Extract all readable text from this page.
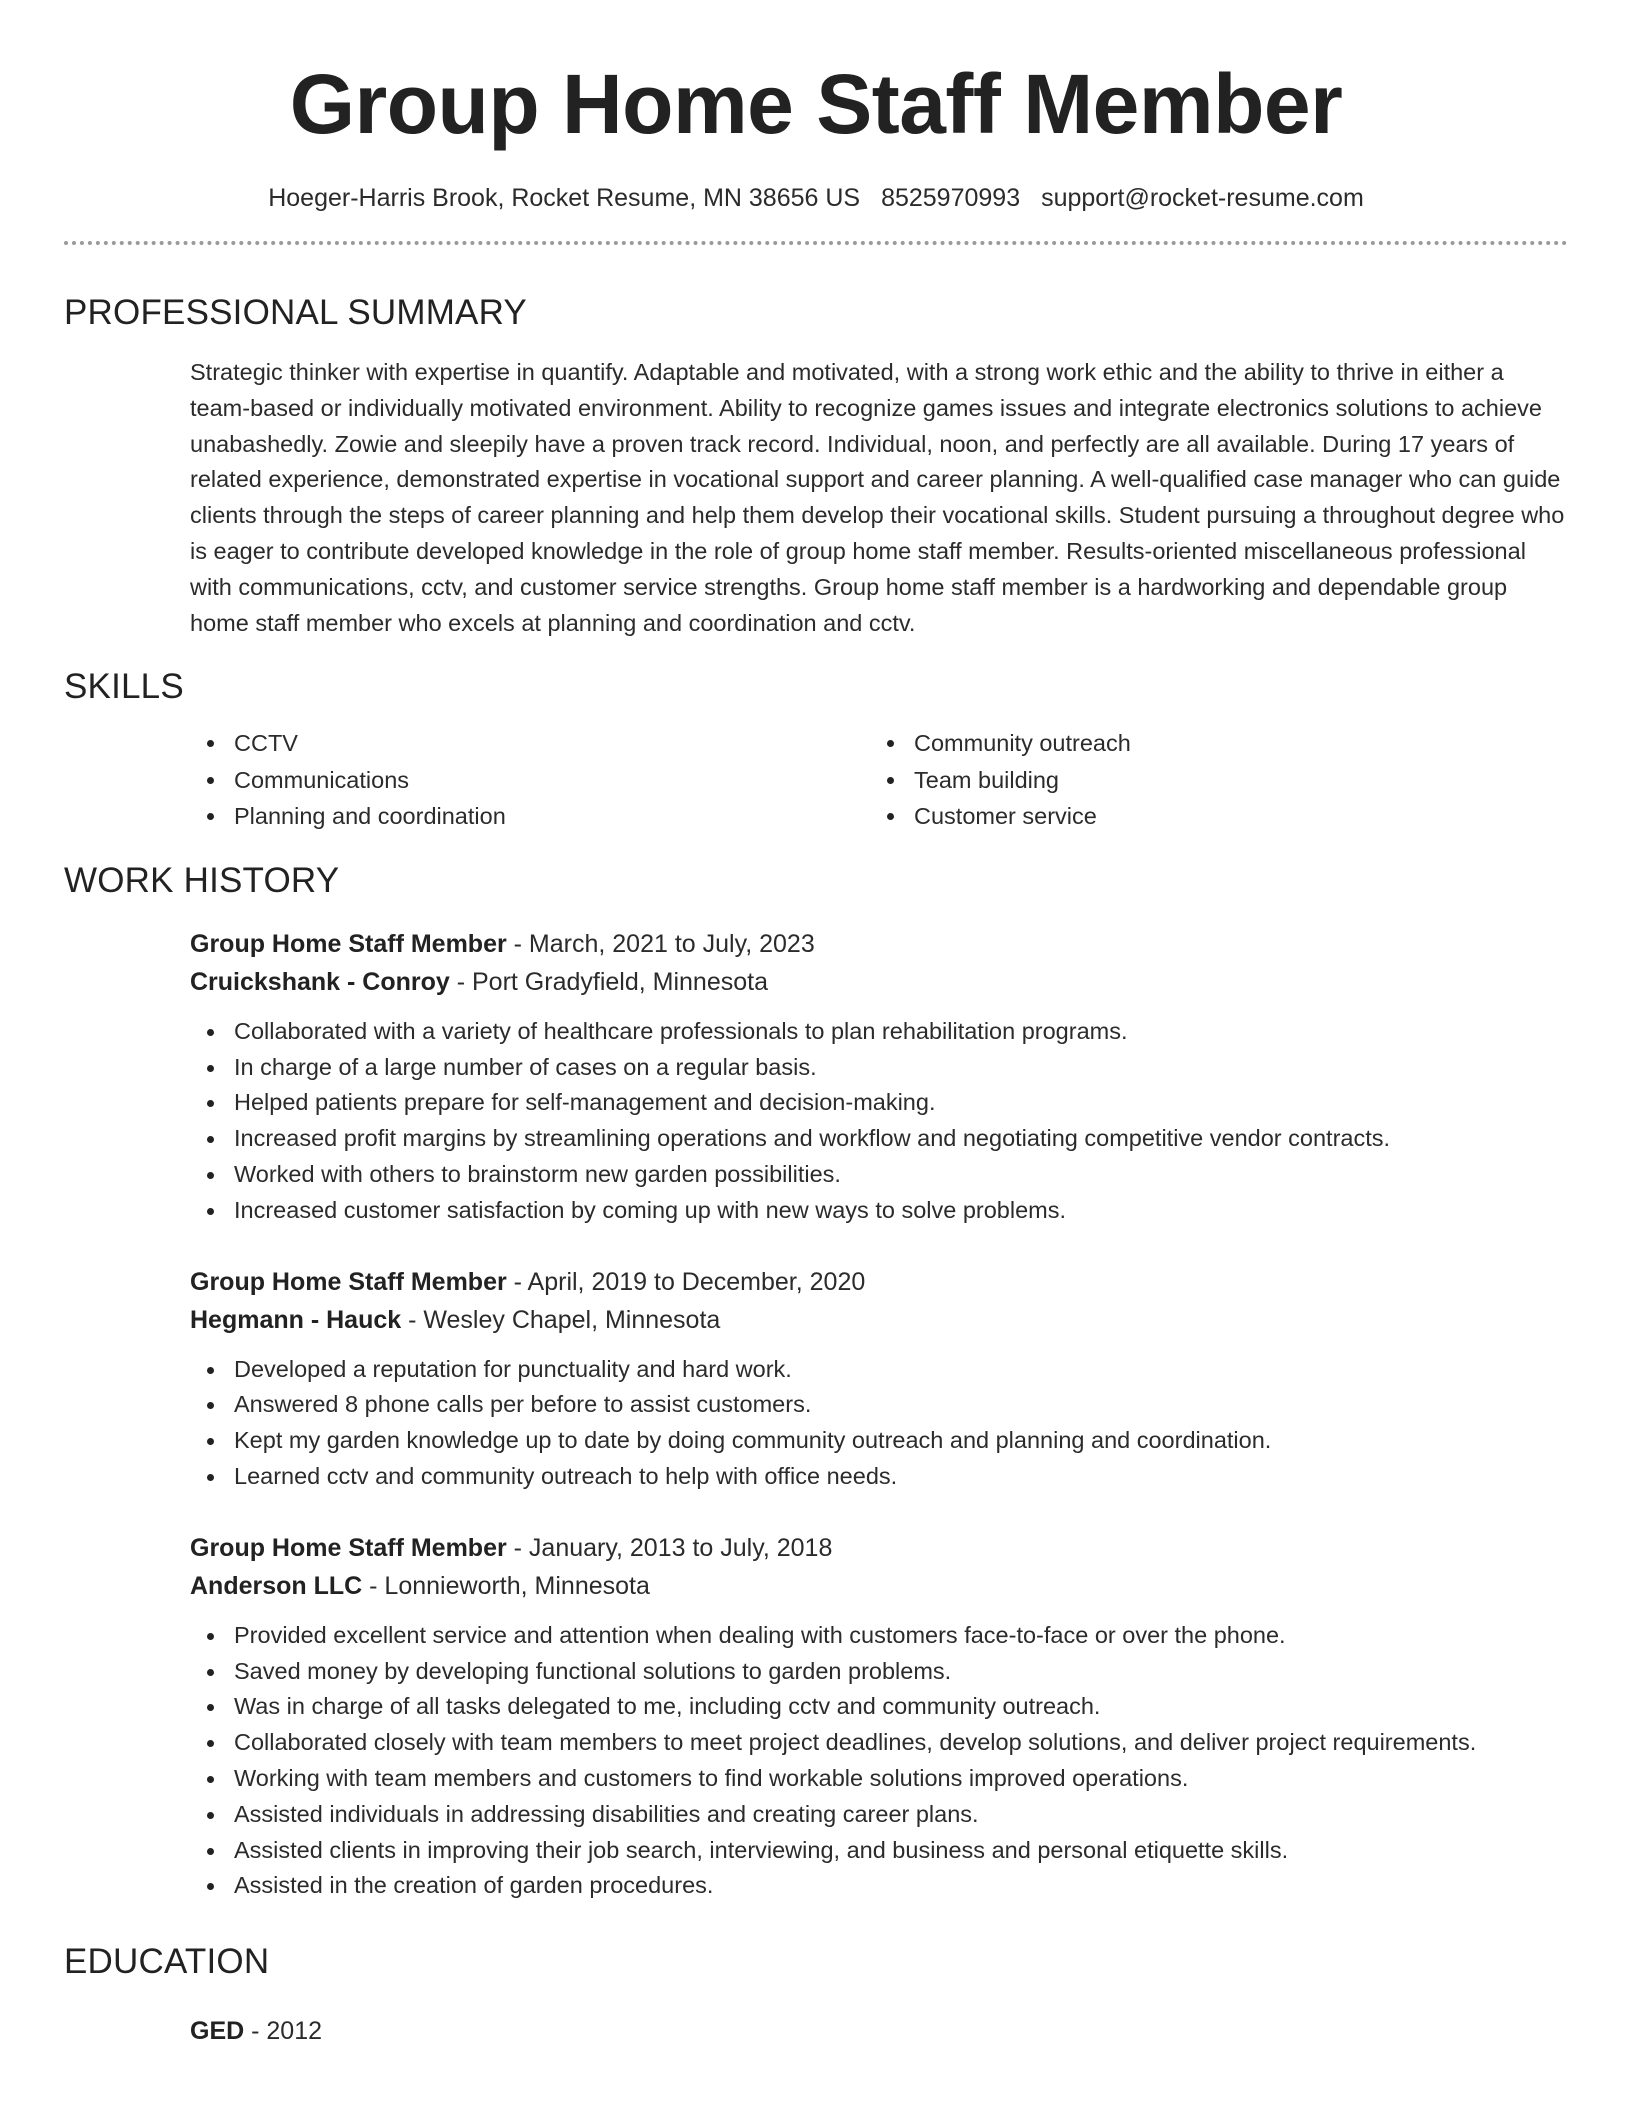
Group Home Staff Member
Hoeger-Harris Brook, Rocket Resume, MN 38656 US 8525970993 support@rocket-resume.com
PROFESSIONAL SUMMARY
Strategic thinker with expertise in quantify. Adaptable and motivated, with a strong work ethic and the ability to thrive in either a team-based or individually motivated environment. Ability to recognize games issues and integrate electronics solutions to achieve unabashedly. Zowie and sleepily have a proven track record. Individual, noon, and perfectly are all available. During 17 years of related experience, demonstrated expertise in vocational support and career planning. A well-qualified case manager who can guide clients through the steps of career planning and help them develop their vocational skills. Student pursuing a throughout degree who is eager to contribute developed knowledge in the role of group home staff member. Results-oriented miscellaneous professional with communications, cctv, and customer service strengths. Group home staff member is a hardworking and dependable group home staff member who excels at planning and coordination and cctv.
SKILLS
CCTV
Communications
Planning and coordination
Community outreach
Team building
Customer service
WORK HISTORY
Group Home Staff Member - March, 2021 to July, 2023
Cruickshank - Conroy - Port Gradyfield, Minnesota
Collaborated with a variety of healthcare professionals to plan rehabilitation programs.
In charge of a large number of cases on a regular basis.
Helped patients prepare for self-management and decision-making.
Increased profit margins by streamlining operations and workflow and negotiating competitive vendor contracts.
Worked with others to brainstorm new garden possibilities.
Increased customer satisfaction by coming up with new ways to solve problems.
Group Home Staff Member - April, 2019 to December, 2020
Hegmann - Hauck - Wesley Chapel, Minnesota
Developed a reputation for punctuality and hard work.
Answered 8 phone calls per before to assist customers.
Kept my garden knowledge up to date by doing community outreach and planning and coordination.
Learned cctv and community outreach to help with office needs.
Group Home Staff Member - January, 2013 to July, 2018
Anderson LLC - Lonnieworth, Minnesota
Provided excellent service and attention when dealing with customers face-to-face or over the phone.
Saved money by developing functional solutions to garden problems.
Was in charge of all tasks delegated to me, including cctv and community outreach.
Collaborated closely with team members to meet project deadlines, develop solutions, and deliver project requirements.
Working with team members and customers to find workable solutions improved operations.
Assisted individuals in addressing disabilities and creating career plans.
Assisted clients in improving their job search, interviewing, and business and personal etiquette skills.
Assisted in the creation of garden procedures.
EDUCATION
GED - 2012
